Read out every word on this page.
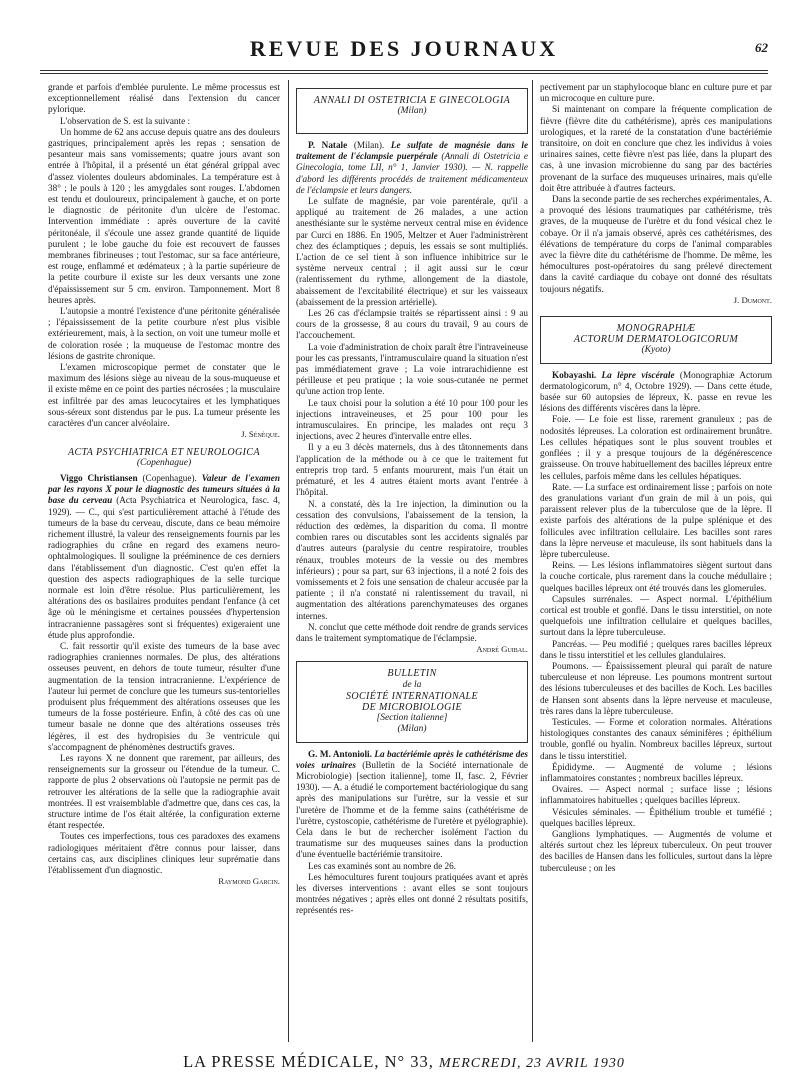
REVUE DES JOURNAUX	62

grande et parfois d'emblée purulente. Le même processus est exceptionnellement réalisé dans l'extension du cancer pylorique.

L'observation de S. est la suivante :

Un homme de 62 ans accuse depuis quatre ans des douleurs gastriques, principalement après les repas ; sensation de pesanteur mais sans vomissements; quatre jours avant son entrée à l'hôpital, il a présenté un état général grippal avec d'assez violentes douleurs abdominales. La température est à 38° ; le pouls à 120 ; les amygdales sont rouges. L'abdomen est tendu et douloureux, principalement à gauche, et on porte le diagnostic de péritonite d'un ulcère de l'estomac. Intervention immédiate : après ouverture de la cavité péritonéale, il s'écoule une assez grande quantité de liquide purulent ; le lobe gauche du foie est recouvert de fausses membranes fibrineuses ; tout l'estomac, sur sa face antérieure, est rouge, enflammé et œdémateux ; à la partie supérieure de la petite courbure il existe sur les deux versants une zone d'épaississement sur 5 cm. environ. Tamponnement. Mort 8 heures après.

L'autopsie a montré l'existence d'une péritonite généralisée ; l'épaississement de la petite courbure n'est plus visible extérieurement, mais, à la section, on voit une tumeur molle et de coloration rosée ; la muqueuse de l'estomac montre des lésions de gastrite chronique.

L'examen microscopique permet de constater que le maximum des lésions siège au niveau de la sous-muqueuse et il existe même en ce point des parties nécrosées ; la musculaire est infiltrée par des amas leucocytaires et les lymphatiques sous-séreux sont distendus par le pus. La tumeur présente les caractères d'un cancer alvéolaire.

J. Sénèque.
ACTA PSYCHIATRICA ET NEUROLOGICA
(Copenhague)

Viggo Christiansen (Copenhague). Valeur de l'examen par les rayons X pour le diagnostic des tumeurs situées à la base du cerveau (Acta Psychiatrica et Neurologica, fasc. 4, 1929). — C., qui s'est particulièrement attaché à l'étude des tumeurs de la base du cerveau, discute, dans ce beau mémoire richement illustré, la valeur des renseignements fournis par les radiographies du crâne en regard des examens neuro-ophtalmologiques. Il souligne la prééminence de ces derniers dans l'établissement d'un diagnostic. C'est qu'en effet la question des aspects radiographiques de la selle turcique normale est loin d'être résolue. Plus particulièrement, les altérations des os basilaires produites pendant l'enfance (à cet âge où le méningisme et certaines poussées d'hypertension intracranienne passagères sont si fréquentes) exigeraient une étude plus approfondie.

C. fait ressortir qu'il existe des tumeurs de la base avec radiographies craniennes normales. De plus, des altérations osseuses peuvent, en dehors de toute tumeur, résulter d'une augmentation de la tension intracranienne. L'expérience de l'auteur lui permet de conclure que les tumeurs sus-tentorielles produisent plus fréquemment des altérations osseuses que les tumeurs de la fosse postérieure. Enfin, à côté des cas où une tumeur basale ne donne que des altérations osseuses très légères, il est des hydropisies du 3e ventricule qui s'accompagnent de phénomènes destructifs graves.

Les rayons X ne donnent que rarement, par ailleurs, des renseignements sur la grosseur ou l'étendue de la tumeur. C. rapporte de plus 2 observations où l'autopsie ne permit pas de retrouver les altérations de la selle que la radiographie avait montrées. Il est vraisemblable d'admettre que, dans ces cas, la structure intime de l'os était altérée, la configuration externe étant respectée.

Toutes ces imperfections, tous ces paradoxes des examens radiologiques méritaient d'être connus pour laisser, dans certains cas, aux disciplines cliniques leur suprématie dans l'établissement d'un diagnostic.

Raymond Garcin.
ANNALI DI OSTETRICIA E GINECOLOGIA
(Milan)

P. Natale (Milan). Le sulfate de magnésie dans le traitement de l'éclampsie puerpérale (Annali di Ostetricia e Ginecologia, tome LII, n° 1, Janvier 1930). — N. rappelle d'abord les différents procédés de traitement médicamenteux de l'éclampsie et leurs dangers.

Le sulfate de magnésie, par voie parentérale, qu'il a appliqué au traitement de 26 malades, a une action anesthésiante sur le système nerveux central mise en évidence par Curci en 1886. En 1905, Meltzer et Auer l'administrèrent chez des éclamptiques ; depuis, les essais se sont multipliés. L'action de ce sel tient à son influence inhibitrice sur le système nerveux central ; il agit aussi sur le cœur (ralentissement du rythme, allongement de la diastole, abaissement de l'excitabilité électrique) et sur les vaisseaux (abaissement de la pression artérielle).

Les 26 cas d'éclampsie traités se répartissent ainsi : 9 au cours de la grossesse, 8 au cours du travail, 9 au cours de l'accouchement.

La voie d'administration de choix paraît être l'intraveineuse pour les cas pressants, l'intramusculaire quand la situation n'est pas immédiatement grave ; La voie intrarachidienne est périlleuse et peu pratique ; la voie sous-cutanée ne permet qu'une action trop lente.

Le taux choisi pour la solution a été 10 pour 100 pour les injections intraveineuses, et 25 pour 100 pour les intramusculaires. En principe, les malades ont reçu 3 injections, avec 2 heures d'intervalle entre elles.

Il y a eu 3 décès maternels, dus à des tâtonnements dans l'application de la méthode ou à ce que le traitement fut entrepris trop tard. 5 enfants moururent, mais l'un était un prématuré, et les 4 autres étaient morts avant l'entrée à l'hôpital.

N. a constaté, dès la 1re injection, la diminution ou la cessation des convulsions, l'abaissement de la tension, la réduction des œdèmes, la disparition du coma. Il montre combien rares ou discutables sont les accidents signalés par d'autres auteurs (paralysie du centre respiratoire, troubles rénaux, troubles moteurs de la vessie ou des membres inférieurs) ; pour sa part, sur 63 injections, il a noté 2 fois des vomissements et 2 fois une sensation de chaleur accusée par la patiente ; il n'a constaté ni ralentissement du travail, ni augmentation des altérations parenchymateuses des organes internes.

N. conclut que cette méthode doit rendre de grands services dans le traitement symptomatique de l'éclampsie.

André Guibal.
BULLETIN
de la
SOCIÉTÉ INTERNATIONALE
DE MICROBIOLOGIE
[Section italienne]
(Milan)

G. M. Antonioli. La bactériémie après le cathétérisme des voies urinaires (Bulletin de la Société internationale de Microbiologie) [section italienne], tome II, fasc. 2, Février 1930). — A. a étudié le comportement bactériologique du sang après des manipulations sur l'urètre, sur la vessie et sur l'uretère de l'homme et de la femme sains (cathétérisme de l'urètre, cystoscopie, cathétérisme de l'uretère et pyélographie). Cela dans le but de rechercher isolément l'action du traumatisme sur des muqueuses saines dans la production d'une éventuelle bactériémie transitoire.

Les cas examinés sont au nombre de 26.

Les hémocultures furent toujours pratiquées avant et après les diverses interventions : avant elles se sont toujours montrées négatives ; après elles ont donné 2 résultats positifs, représentés res-

pectivement par un staphylocoque blanc en culture pure et par un microcoque en culture pure.

Si maintenant on compare la fréquente complication de fièvre (fièvre dite du cathétérisme), après ces manipulations urologiques, et la rareté de la constatation d'une bactériémie transitoire, on doit en conclure que chez les individus à voies urinaires saines, cette fièvre n'est pas liée, dans la plupart des cas, à une invasion microbienne du sang par des bactéries provenant de la surface des muqueuses urinaires, mais qu'elle doit être attribuée à d'autres facteurs.

Dans la seconde partie de ses recherches expérimentales, A. a provoqué des lésions traumatiques par cathétérisme, très graves, de la muqueuse de l'urètre et du fond vésical chez le cobaye. Or il n'a jamais observé, après ces cathétérismes, des élévations de température du corps de l'animal comparables avec la fièvre dite du cathétérisme de l'homme. De même, les hémocultures post-opératoires du sang prélevé directement dans la cavité cardiaque du cobaye ont donné des résultats toujours négatifs.

J. Dumont.
MONOGRAPHIÆ
ACTORUM DERMATOLOGICORUM
(Kyoto)

Kobayashi. La lèpre viscérale (Monographiæ Actorum dermatologicorum, n° 4, Octobre 1929). — Dans cette étude, basée sur 60 autopsies de lépreux, K. passe en revue les lésions des différents viscères dans la lèpre.

Foie. — Le foie est lisse, rarement granuleux ; pas de nodosités lépreuses. La coloration est ordinairement brunâtre. Les cellules hépatiques sont le plus souvent troubles et gonflées ; il y a presque toujours de la dégénérescence graisseuse. On trouve habituellement des bacilles lépreux entre les cellules, parfois même dans les cellules hépatiques.

Rate. — La surface est ordinairement lisse ; parfois on note des granulations variant d'un grain de mil à un pois, qui paraissent relever plus de la tuberculose que de la lèpre. Il existe parfois des altérations de la pulpe splénique et des follicules avec infiltration cellulaire. Les bacilles sont rares dans la lèpre nerveuse et maculeuse, ils sont habituels dans la lèpre tuberculeuse.

Reins. — Les lésions inflammatoires siègent surtout dans la couche corticale, plus rarement dans la couche médullaire ; quelques bacilles lépreux ont été trouvés dans les glomerules.

Capsules surrénales. — Aspect normal. L'épithélium cortical est trouble et gonflé. Dans le tissu interstitiel, on note quelquefois une infiltration cellulaire et quelques bacilles, surtout dans la lèpre tuberculeuse.

Pancréas. — Peu modifié ; quelques rares bacilles lépreux dans le tissu interstitiel et les cellules glandulaires.

Poumons. — Épaississement pleural qui paraît de nature tuberculeuse et non lépreuse. Les poumons montrent surtout des lésions tuberculeuses et des bacilles de Koch. Les bacilles de Hansen sont absents dans la lèpre nerveuse et maculeuse, très rares dans la lèpre tuberculeuse.

Testicules. — Forme et coloration normales. Altérations histologiques constantes des canaux séminifères ; épithélium trouble, gonflé ou hyalin. Nombreux bacilles lépreux, surtout dans le tissu interstitiel.

Épididyme. — Augmenté de volume ; lésions inflammatoires constantes ; nombreux bacilles lépreux.

Ovaires. — Aspect normal ; surface lisse ; lésions inflammatoires habituelles ; quelques bacilles lépreux.

Vésicules séminales. — Épithélium trouble et tuméfié ; quelques bacilles lépreux.

Ganglions lymphatiques. — Augmentés de volume et altérés surtout chez les lépreux tuberculeux. On peut trouver des bacilles de Hansen dans les follicules, surtout dans la lèpre tuberculeuse ; on les

LA PRESSE MÉDICALE, N° 33, MERCREDI, 23 AVRIL 1930
